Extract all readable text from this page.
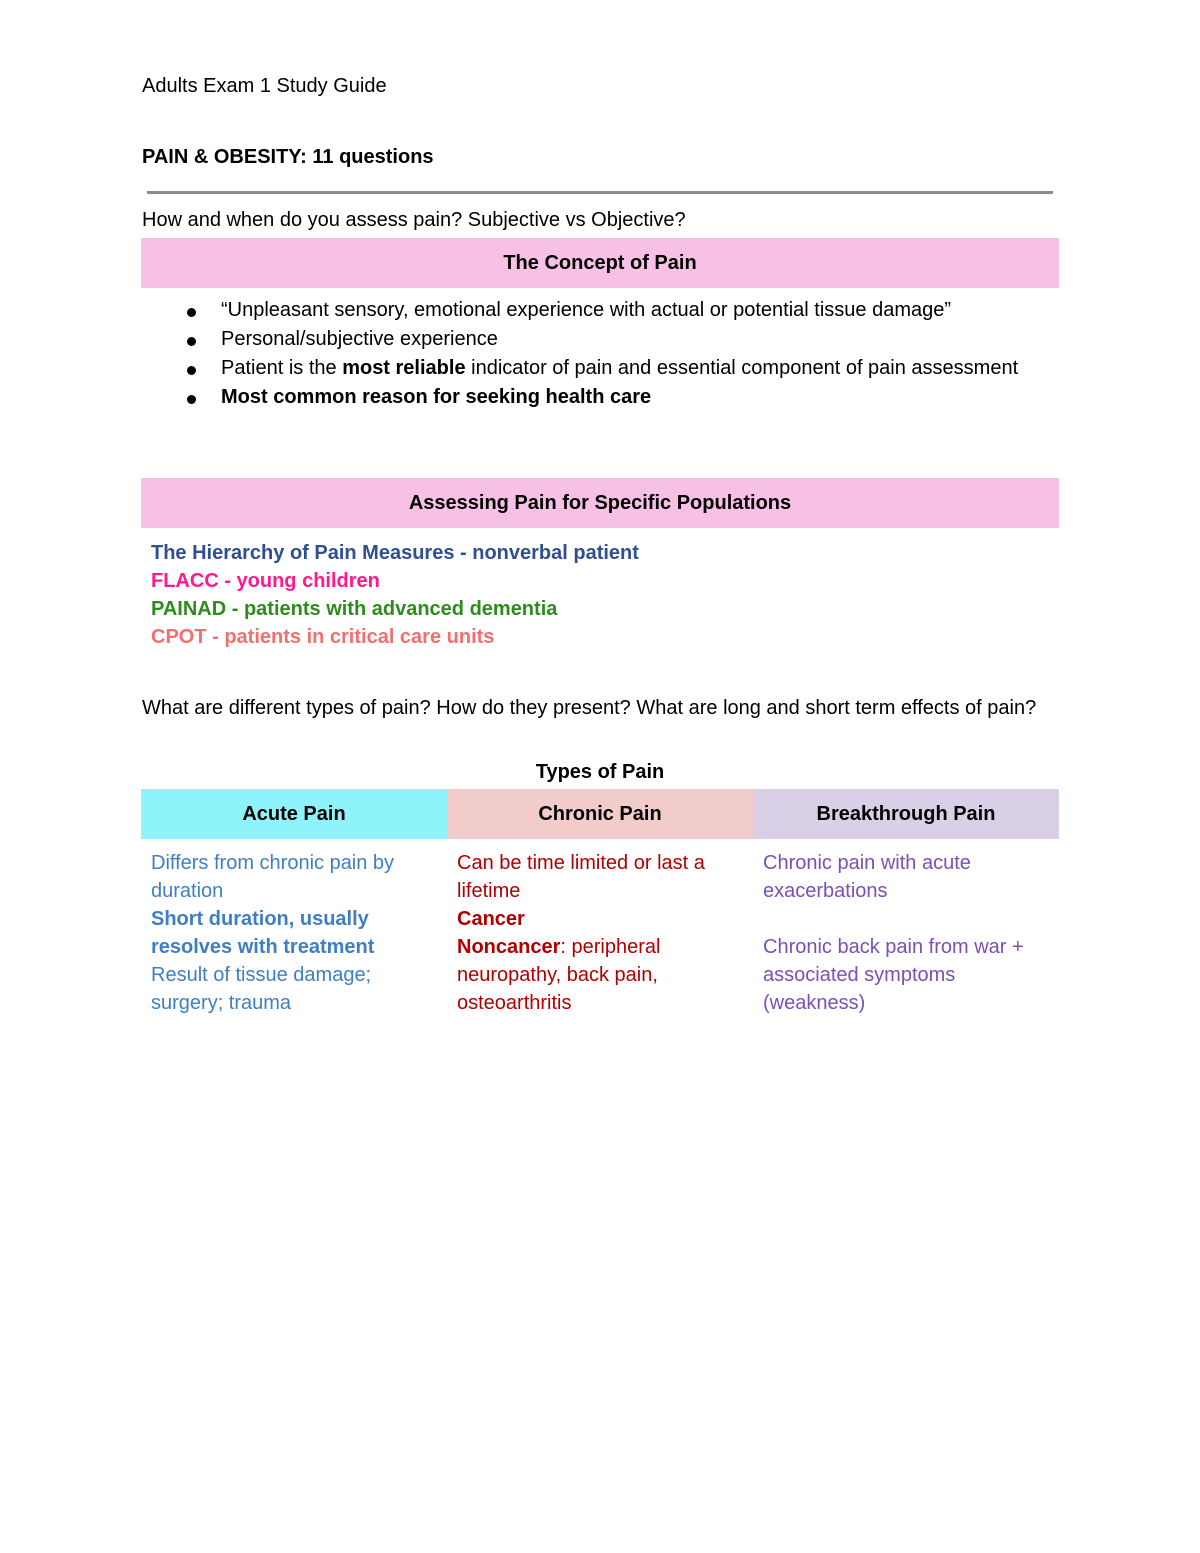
Adults Exam 1 Study Guide

PAIN & OBESITY: 11 questions

How and when do you assess pain? Subjective vs Objective?

The Concept of Pain
“Unpleasant sensory, emotional experience with actual or potential tissue damage”
Personal/subjective experience
Patient is the most reliable indicator of pain and essential component of pain assessment
Most common reason for seeking health care
Assessing Pain for Specific Populations
The Hierarchy of Pain Measures - nonverbal patient
FLACC - young children
PAINAD - patients with advanced dementia
CPOT - patients in critical care units

What are different types of pain? How do they present? What are long and short term effects of pain?

Types of Pain

Acute Pain	Chronic Pain	Breakthrough Pain

Differs from chronic pain by duration
Short duration, usually resolves with treatment
Result of tissue damage; surgery; trauma	Can be time limited or last a lifetime
Cancer
Noncancer: peripheral neuropathy, back pain, osteoarthritis	Chronic pain with acute exacerbations
Chronic back pain from war + associated symptoms (weakness)
